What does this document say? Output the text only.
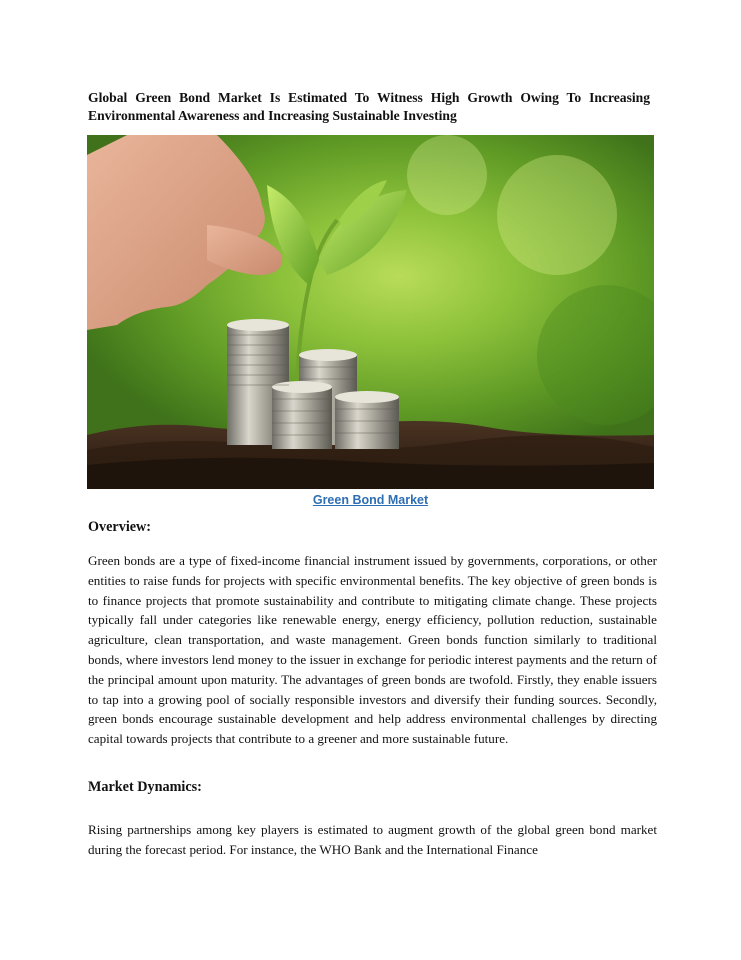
Global Green Bond Market Is Estimated To Witness High Growth Owing To Increasing Environmental Awareness and Increasing Sustainable Investing
Green Bond Market
Overview:

Green bonds are a type of fixed-income financial instrument issued by governments, corporations, or other entities to raise funds for projects with specific environmental benefits. The key objective of green bonds is to finance projects that promote sustainability and contribute to mitigating climate change. These projects typically fall under categories like renewable energy, energy efficiency, pollution reduction, sustainable agriculture, clean transportation, and waste management. Green bonds function similarly to traditional bonds, where investors lend money to the issuer in exchange for periodic interest payments and the return of the principal amount upon maturity. The advantages of green bonds are twofold. Firstly, they enable issuers to tap into a growing pool of socially responsible investors and diversify their funding sources. Secondly, green bonds encourage sustainable development and help address environmental challenges by directing capital towards projects that contribute to a greener and more sustainable future.

Market Dynamics:

Rising partnerships among key players is estimated to augment growth of the global green bond market during the forecast period. For instance, the WHO Bank and the International Finance
